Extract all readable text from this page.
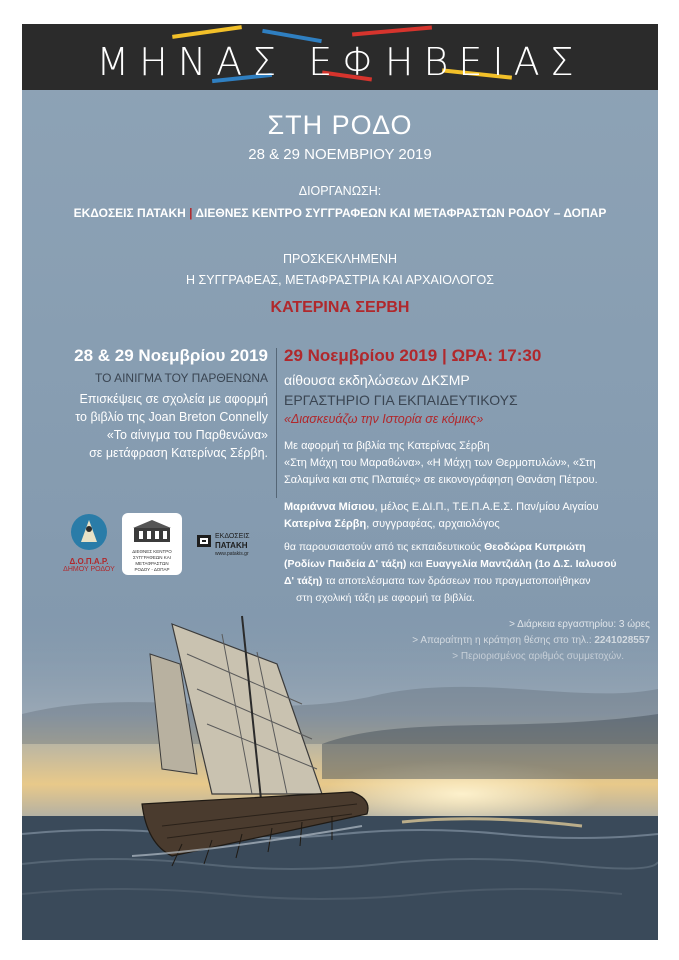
ΜΗΝΑΣ ΕΦΗΒΕΙΑΣ
ΣΤΗ ΡΟΔΟ
28 & 29 ΝΟΕΜΒΡΙΟΥ 2019
ΔΙΟΡΓΑΝΩΣΗ:
ΕΚΔΟΣΕΙΣ ΠΑΤΑΚΗ | ΔΙΕΘΝΕΣ ΚΕΝΤΡΟ ΣΥΓΓΡΑΦΕΩΝ ΚΑΙ ΜΕΤΑΦΡΑΣΤΩΝ ΡΟΔΟΥ – ΔΟΠΑΡ
ΠΡΟΣΚΕΚΛΗΜΕΝΗ
Η ΣΥΓΓΡΑΦΕΑΣ, ΜΕΤΑΦΡΑΣΤΡΙΑ ΚΑΙ ΑΡΧΑΙΟΛΟΓΟΣ
ΚΑΤΕΡΙΝΑ ΣΕΡΒΗ
28 & 29 Νοεμβρίου 2019
ΤΟ ΑΙΝΙΓΜΑ ΤΟΥ ΠΑΡΘΕΝΩΝΑ
Επισκέψεις σε σχολεία με αφορμή
το βιβλίο της Joan Breton Connelly
«Το αίνιγμα του Παρθενώνα»
σε μετάφραση Κατερίνας Σέρβη.
29 Νοεμβρίου 2019 | ΩΡΑ: 17:30
αίθουσα εκδηλώσεων ΔΚΣΜΡ
ΕΡΓΑΣΤΗΡΙΟ ΓΙΑ ΕΚΠΑΙΔΕΥΤΙΚΟΥΣ
«Διασκευάζω την Ιστορία σε κόμικς»
Με αφορμή τα βιβλία της Κατερίνας Σέρβη
«Στη Μάχη του Μαραθώνα», «Η Μάχη των Θερμοπυλών», «Στη
Σαλαμίνα και στις Πλαταιές» σε εικονογράφηση Θανάση Πέτρου.
Μαριάννα Μίσιου, μέλος Ε.ΔΙ.Π., Τ.Ε.Π.Α.Ε.Σ. Παν/μίου Αιγαίου
Κατερίνα Σέρβη, συγγραφέας, αρχαιολόγος
θα παρουσιαστούν από τις εκπαιδευτικούς Θεοδώρα Κυπριώτη
(Ροδίων Παιδεία Δ' τάξη) και Ευαγγελία Μαντζιάλη (1ο Δ.Σ. Ιαλυσού
Δ' τάξη) τα αποτελέσματα των δράσεων που πραγματοποιήθηκαν
Δ.Ο.Π.Α.Ρ.
ΔΗΜΟΥ ΡΟΔΟΥ
ΔΙΕΘΝΕΣ ΚΕΝΤΡΟ
ΣΥΓΓΡΑΦΕΩΝ ΚΑΙ ΜΕΤΑΦΡΑΣΤΩΝ
ΡΟΔΟΥ - ΔΟΠΑΡ
ΕΚΔΟΣΕΙΣ
ΠΑΤΑΚΗ
www.patakis.gr
